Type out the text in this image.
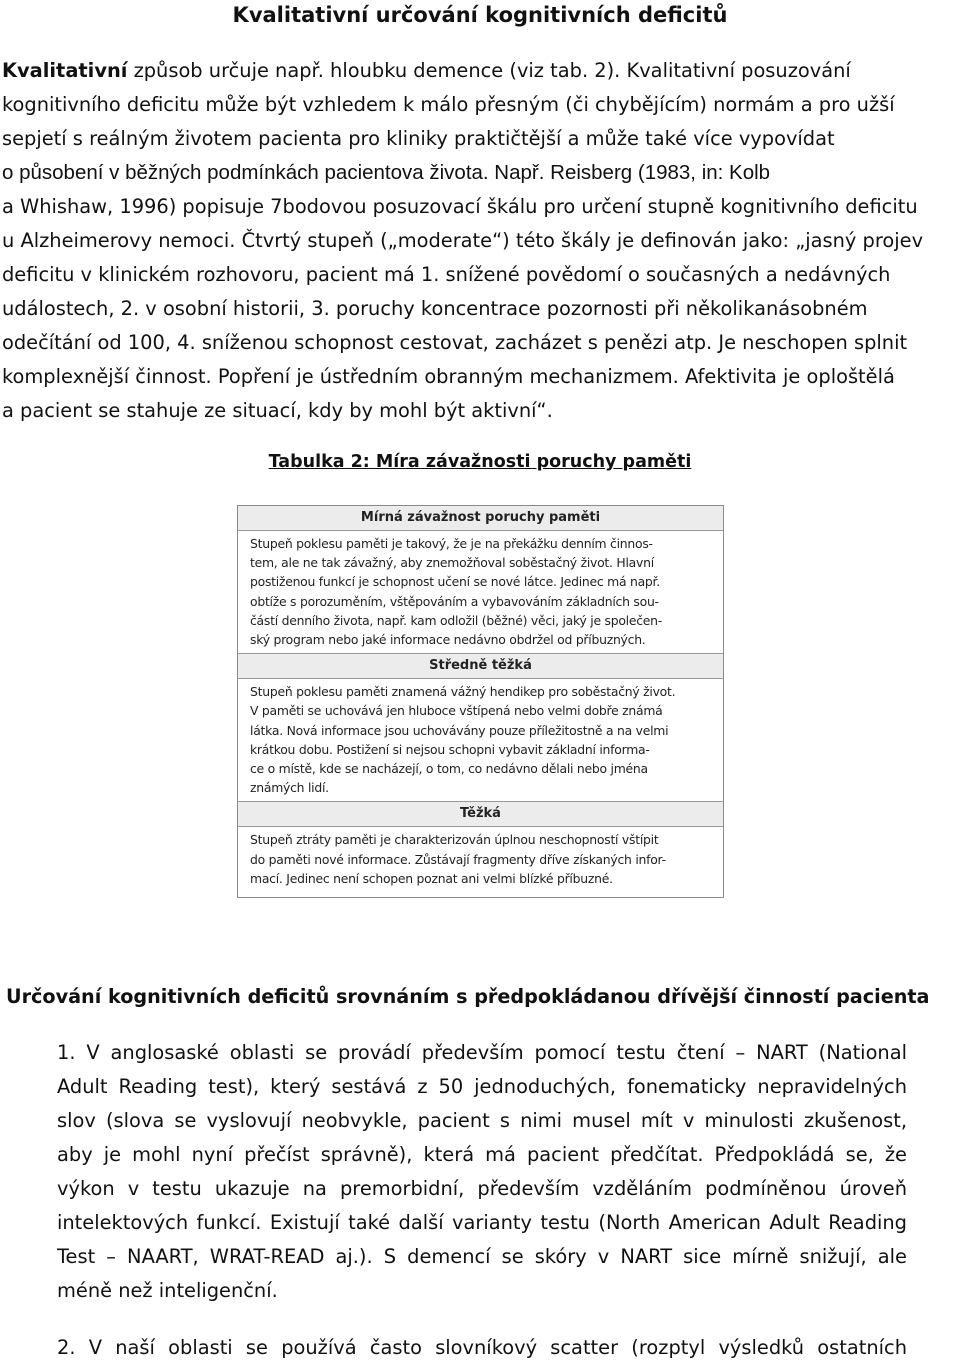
Kvalitativní určování kognitivních deficitů
Kvalitativní způsob určuje např. hloubku demence (viz tab. 2). Kvalitativní posuzování
kognitivního deficitu může být vzhledem k málo přesným (či chybějícím) normám a pro užší
sepjetí s reálným životem pacienta pro kliniky praktičtější a může také více vypovídat
o působení v běžných podmínkách pacientova života. Např. Reisberg (1983, in: Kolb
a Whishaw, 1996) popisuje 7bodovou posuzovací škálu pro určení stupně kognitivního deficitu
u Alzheimerovy nemoci. Čtvrtý stupeň („moderate“) této škály je definován jako: „jasný projev
deficitu v klinickém rozhovoru, pacient má 1. snížené povědomí o současných a nedávných
událostech, 2. v osobní historii, 3. poruchy koncentrace pozornosti při několikanásobném
odečítání od 100, 4. sníženou schopnost cestovat, zacházet s penězi atp. Je neschopen splnit
komplexnější činnost. Popření je ústředním obranným mechanizmem. Afektivita je oploštělá
a pacient se stahuje ze situací, kdy by mohl být aktivní“.

Tabulka 2: Míra závažnosti poruchy paměti

Mírná závažnost poruchy paměti
Stupeň poklesu paměti je takový, že je na překážku denním činnos-
tem, ale ne tak závažný, aby znemožňoval soběstačný život. Hlavní
postiženou funkcí je schopnost učení se nové látce. Jedinec má např.
obtíže s porozuměním, vštěpováním a vybavováním základních sou-
částí denního života, např. kam odložil (běžné) věci, jaký je společen-
ský program nebo jaké informace nedávno obdržel od příbuzných.
Středně těžká
Stupeň poklesu paměti znamená vážný hendikep pro soběstačný život.
V paměti se uchovává jen hluboce vštípená nebo velmi dobře známá
látka. Nová informace jsou uchovávány pouze příležitostně a na velmi
krátkou dobu. Postižení si nejsou schopni vybavit základní informa-
ce o místě, kde se nacházejí, o tom, co nedávno dělali nebo jména
známých lidí.
Těžká
Stupeň ztráty paměti je charakterizován úplnou neschopností vštípit
do paměti nové informace. Zůstávají fragmenty dříve získaných infor-
mací. Jedinec není schopen poznat ani velmi blízké příbuzné.
Určování kognitivních deficitů srovnáním s předpokládanou dřívější činností pacienta
1. V anglosaské oblasti se provádí především pomocí testu čtení – NART (National
Adult Reading test), který sestává z 50 jednoduchých, fonematicky nepravidelných
slov (slova se vyslovují neobvykle, pacient s nimi musel mít v minulosti zkušenost,
aby je mohl nyní přečíst správně), která má pacient předčítat. Předpokládá se, že
výkon v testu ukazuje na premorbidní, především vzděláním podmíněnou úroveň
intelektových funkcí. Existují také další varianty testu (North American Adult Reading
Test – NAART, WRAT-READ aj.). S demencí se skóry v NART sice mírně snižují, ale
méně než inteligenční.
2. V naší oblasti se používá často slovníkový scatter (rozptyl výsledků ostatních
